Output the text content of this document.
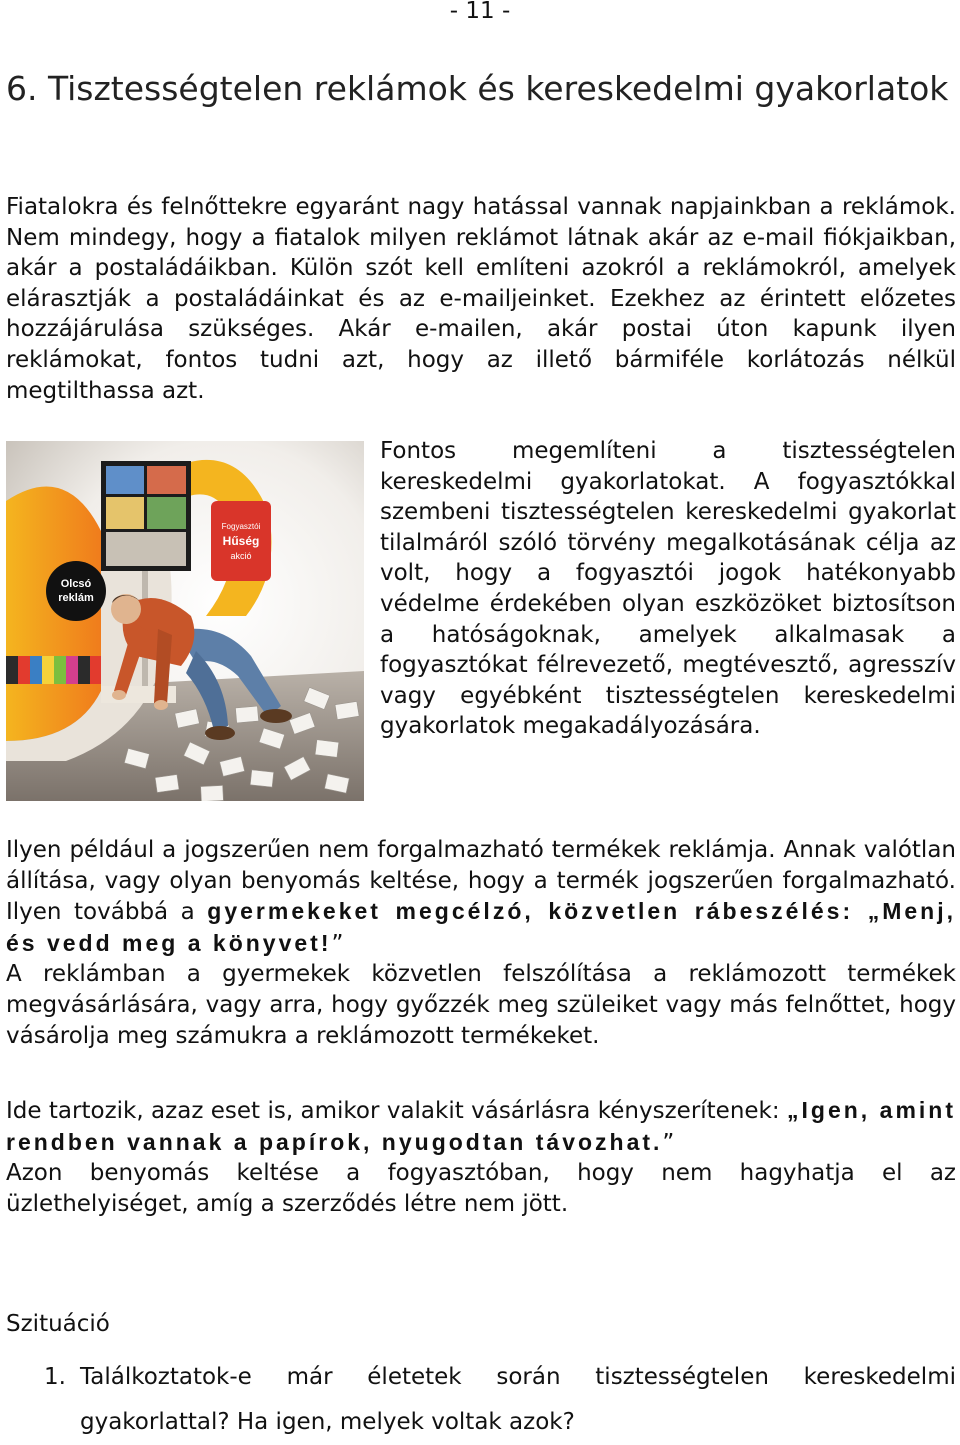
- 11 -
6. Tisztességtelen reklámok és kereskedelmi gyakorlatok

Fiatalokra és felnőttekre egyaránt nagy hatással vannak napjainkban a reklámok. Nem mindegy, hogy a fiatalok milyen reklámot látnak akár az e-mail fiókjaikban, akár a postaládáikban. Külön szót kell említeni azokról a reklámokról, amelyek elárasztják a postaládáinkat és az e-mailjeinket. Ezekhez az érintett előzetes hozzájárulása szükséges. Akár e-mailen, akár postai úton kapunk ilyen reklámokat, fontos tudni azt, hogy az illető bármiféle korlátozás nélkül megtilthassa azt.

Olcsó
reklám
Fogyasztói
Hűség
akció

Fontos megemlíteni a tisztességtelen kereskedelmi gyakorlatokat. A fogyasztókkal szembeni tisztességtelen kereskedelmi gyakorlat tilalmáról szóló törvény megalkotásának célja az volt, hogy a fogyasztói jogok hatékonyabb védelme érdekében olyan eszközöket biztosítson a hatóságoknak, amelyek alkalmasak a fogyasztókat félrevezető, megtévesztő, agresszív vagy egyébként tisztességtelen kereskedelmi gyakorlatok megakadályozására.

Ilyen például a jogszerűen nem forgalmazható termékek reklámja. Annak valótlan állítása, vagy olyan benyomás keltése, hogy a termék jogszerűen forgalmazható. Ilyen továbbá a gyermekeket megcélzó, közvetlen rábeszélés: „Menj, és vedd meg a könyvet!”
A reklámban a gyermekek közvetlen felszólítása a reklámozott termékek megvásárlására, vagy arra, hogy győzzék meg szüleiket vagy más felnőttet, hogy vásárolja meg számukra a reklámozott termékeket.

Ide tartozik, azaz eset is, amikor valakit vásárlásra kényszerítenek: „Igen, amint rendben vannak a papírok, nyugodtan távozhat.”
Azon benyomás keltése a fogyasztóban, hogy nem hagyhatja el az üzlethelyiséget, amíg a szerződés létre nem jött.

Szituáció

1. Találkoztatok-e már életetek során tisztességtelen kereskedelmi gyakorlattal? Ha igen, melyek voltak azok?
